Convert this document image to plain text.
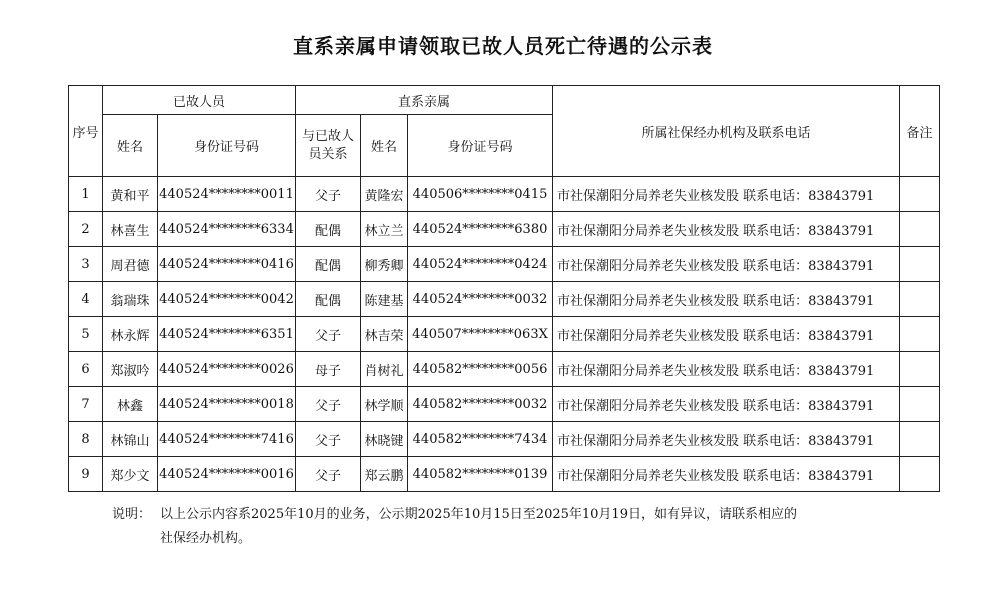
直系亲属申请领取已故人员死亡待遇的公示表
序号	已故人员		直系亲属			所属社保经办机构及联系电话	备注
	姓名	身份证号码	与已故人员关系	姓名	身份证号码		
1	黄和平	440524********0011	父子	黄隆宏	440506********0415	市社保潮阳分局养老失业核发股 联系电话：83843791	
2	林喜生	440524********6334	配偶	林立兰	440524********6380	市社保潮阳分局养老失业核发股 联系电话：83843791	
3	周君德	440524********0416	配偶	柳秀卿	440524********0424	市社保潮阳分局养老失业核发股 联系电话：83843791	
4	翁瑞珠	440524********0042	配偶	陈建基	440524********0032	市社保潮阳分局养老失业核发股 联系电话：83843791	
5	林永辉	440524********6351	父子	林吉荣	440507********063X	市社保潮阳分局养老失业核发股 联系电话：83843791	
6	郑淑吟	440524********0026	母子	肖树礼	440582********0056	市社保潮阳分局养老失业核发股 联系电话：83843791	
7	林鑫	440524********0018	父子	林学顺	440582********0032	市社保潮阳分局养老失业核发股 联系电话：83843791	
8	林锦山	440524********7416	父子	林晓键	440582********7434	市社保潮阳分局养老失业核发股 联系电话：83843791	
9	郑少文	440524********0016	父子	郑云鹏	440582********0139	市社保潮阳分局养老失业核发股 联系电话：83843791	
说明： 以上公示内容系2025年10月的业务，公示期2025年10月15日至2025年10月19日，如有异议，请联系相应的
社保经办机构。
